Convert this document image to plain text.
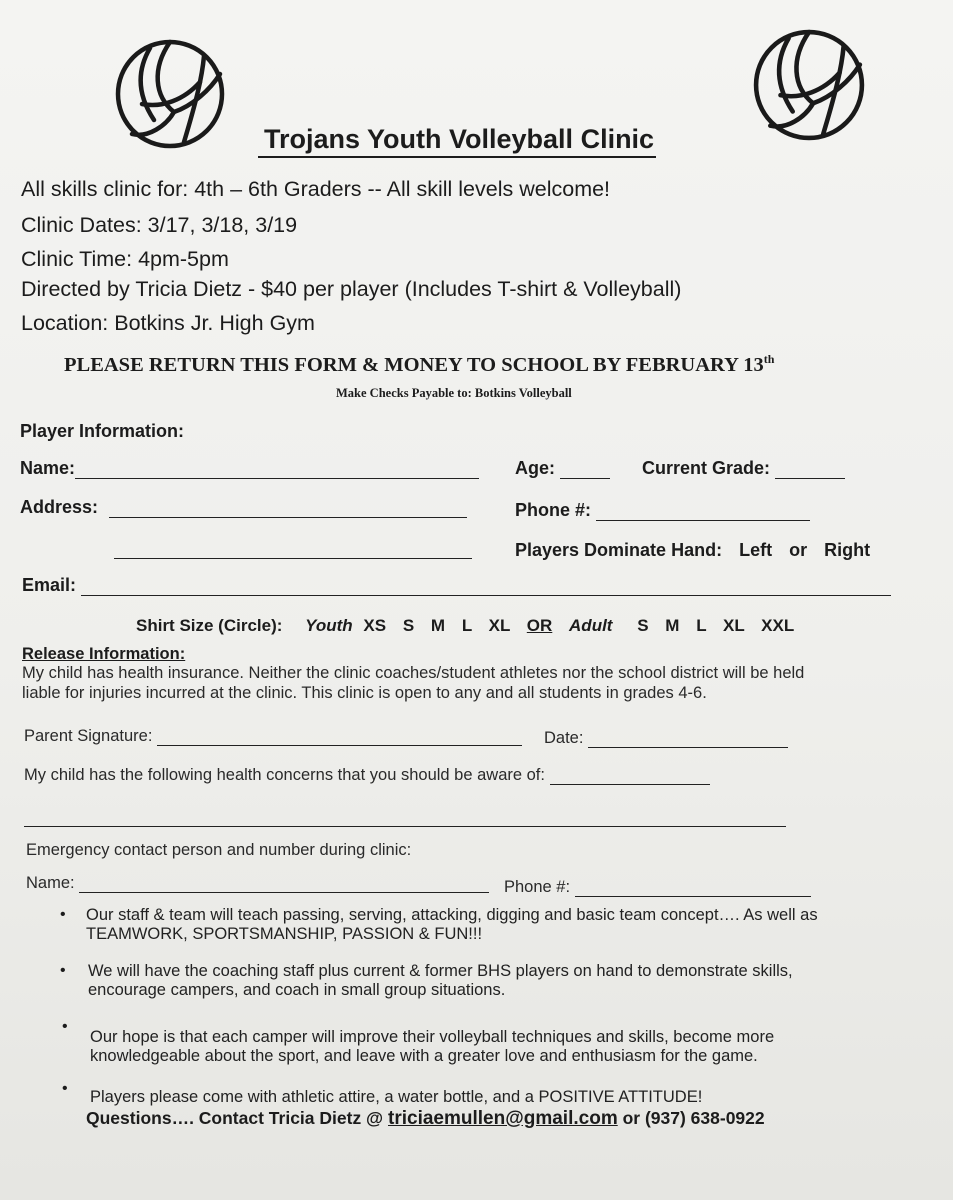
Trojans Youth Volleyball Clinic
All skills clinic for: 4th – 6th Graders -- All skill levels welcome!
Clinic Dates: 3/17, 3/18, 3/19
Clinic Time: 4pm-5pm
Directed by Tricia Dietz - $40 per player (Includes T-shirt & Volleyball)
Location: Botkins Jr. High Gym
PLEASE RETURN THIS FORM & MONEY TO SCHOOL BY FEBRUARY 13th
Make Checks Payable to: Botkins Volleyball
Player Information:
Name:	Age:	Current Grade:
Address:	Phone #:
Players Dominate Hand: Left or Right
Email:
Shirt Size (Circle): Youth XS S M L XL OR Adult S M L XL XXL
Release Information:
My child has health insurance. Neither the clinic coaches/student athletes nor the school district will be held
liable for injuries incurred at the clinic. This clinic is open to any and all students in grades 4-6.
Parent Signature:	Date:
My child has the following health concerns that you should be aware of:
Emergency contact person and number during clinic:
Name:	Phone #:
• Our staff & team will teach passing, serving, attacking, digging and basic team concept…. As well as
TEAMWORK, SPORTSMANSHIP, PASSION & FUN!!!
• We will have the coaching staff plus current & former BHS players on hand to demonstrate skills,
encourage campers, and coach in small group situations.
•
Our hope is that each camper will improve their volleyball techniques and skills, become more
knowledgeable about the sport, and leave with a greater love and enthusiasm for the game.
• Players please come with athletic attire, a water bottle, and a POSITIVE ATTITUDE!
Questions…. Contact Tricia Dietz @ triciaemullen@gmail.com or (937) 638-0922
